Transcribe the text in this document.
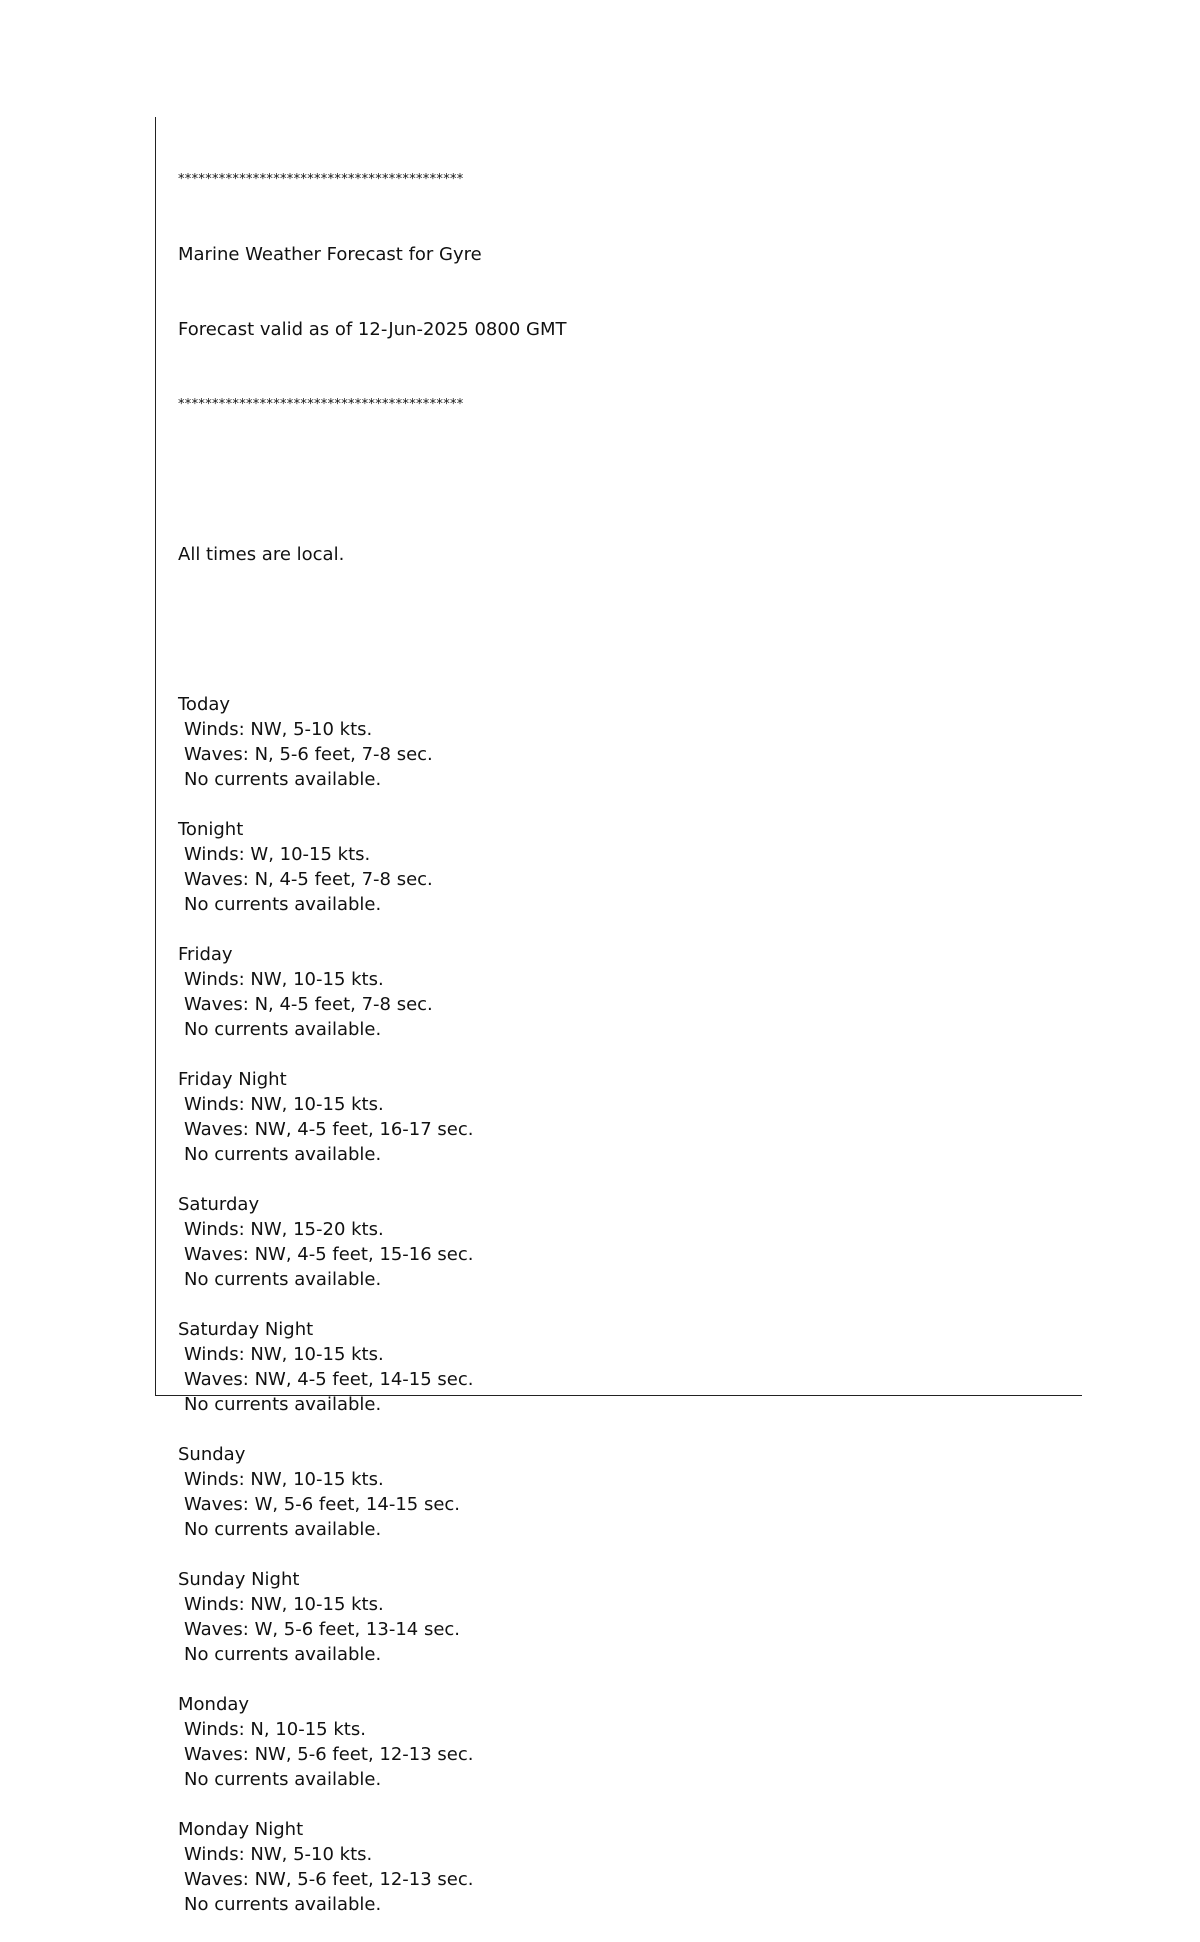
******************************************

Marine Weather Forecast for Gyre

Forecast valid as of 12-Jun-2025 0800 GMT

******************************************

All times are local.

Today
Winds: NW, 5-10 kts.
Waves: N, 5-6 feet, 7-8 sec.
No currents available.
Tonight
Winds: W, 10-15 kts.
Waves: N, 4-5 feet, 7-8 sec.
No currents available.
Friday
Winds: NW, 10-15 kts.
Waves: N, 4-5 feet, 7-8 sec.
No currents available.
Friday Night
Winds: NW, 10-15 kts.
Waves: NW, 4-5 feet, 16-17 sec.
No currents available.
Saturday
Winds: NW, 15-20 kts.
Waves: NW, 4-5 feet, 15-16 sec.
No currents available.
Saturday Night
Winds: NW, 10-15 kts.
Waves: NW, 4-5 feet, 14-15 sec.
No currents available.
Sunday
Winds: NW, 10-15 kts.
Waves: W, 5-6 feet, 14-15 sec.
No currents available.
Sunday Night
Winds: NW, 10-15 kts.
Waves: W, 5-6 feet, 13-14 sec.
No currents available.
Monday
Winds: N, 10-15 kts.
Waves: NW, 5-6 feet, 12-13 sec.
No currents available.
Monday Night
Winds: NW, 5-10 kts.
Waves: NW, 5-6 feet, 12-13 sec.
No currents available.
